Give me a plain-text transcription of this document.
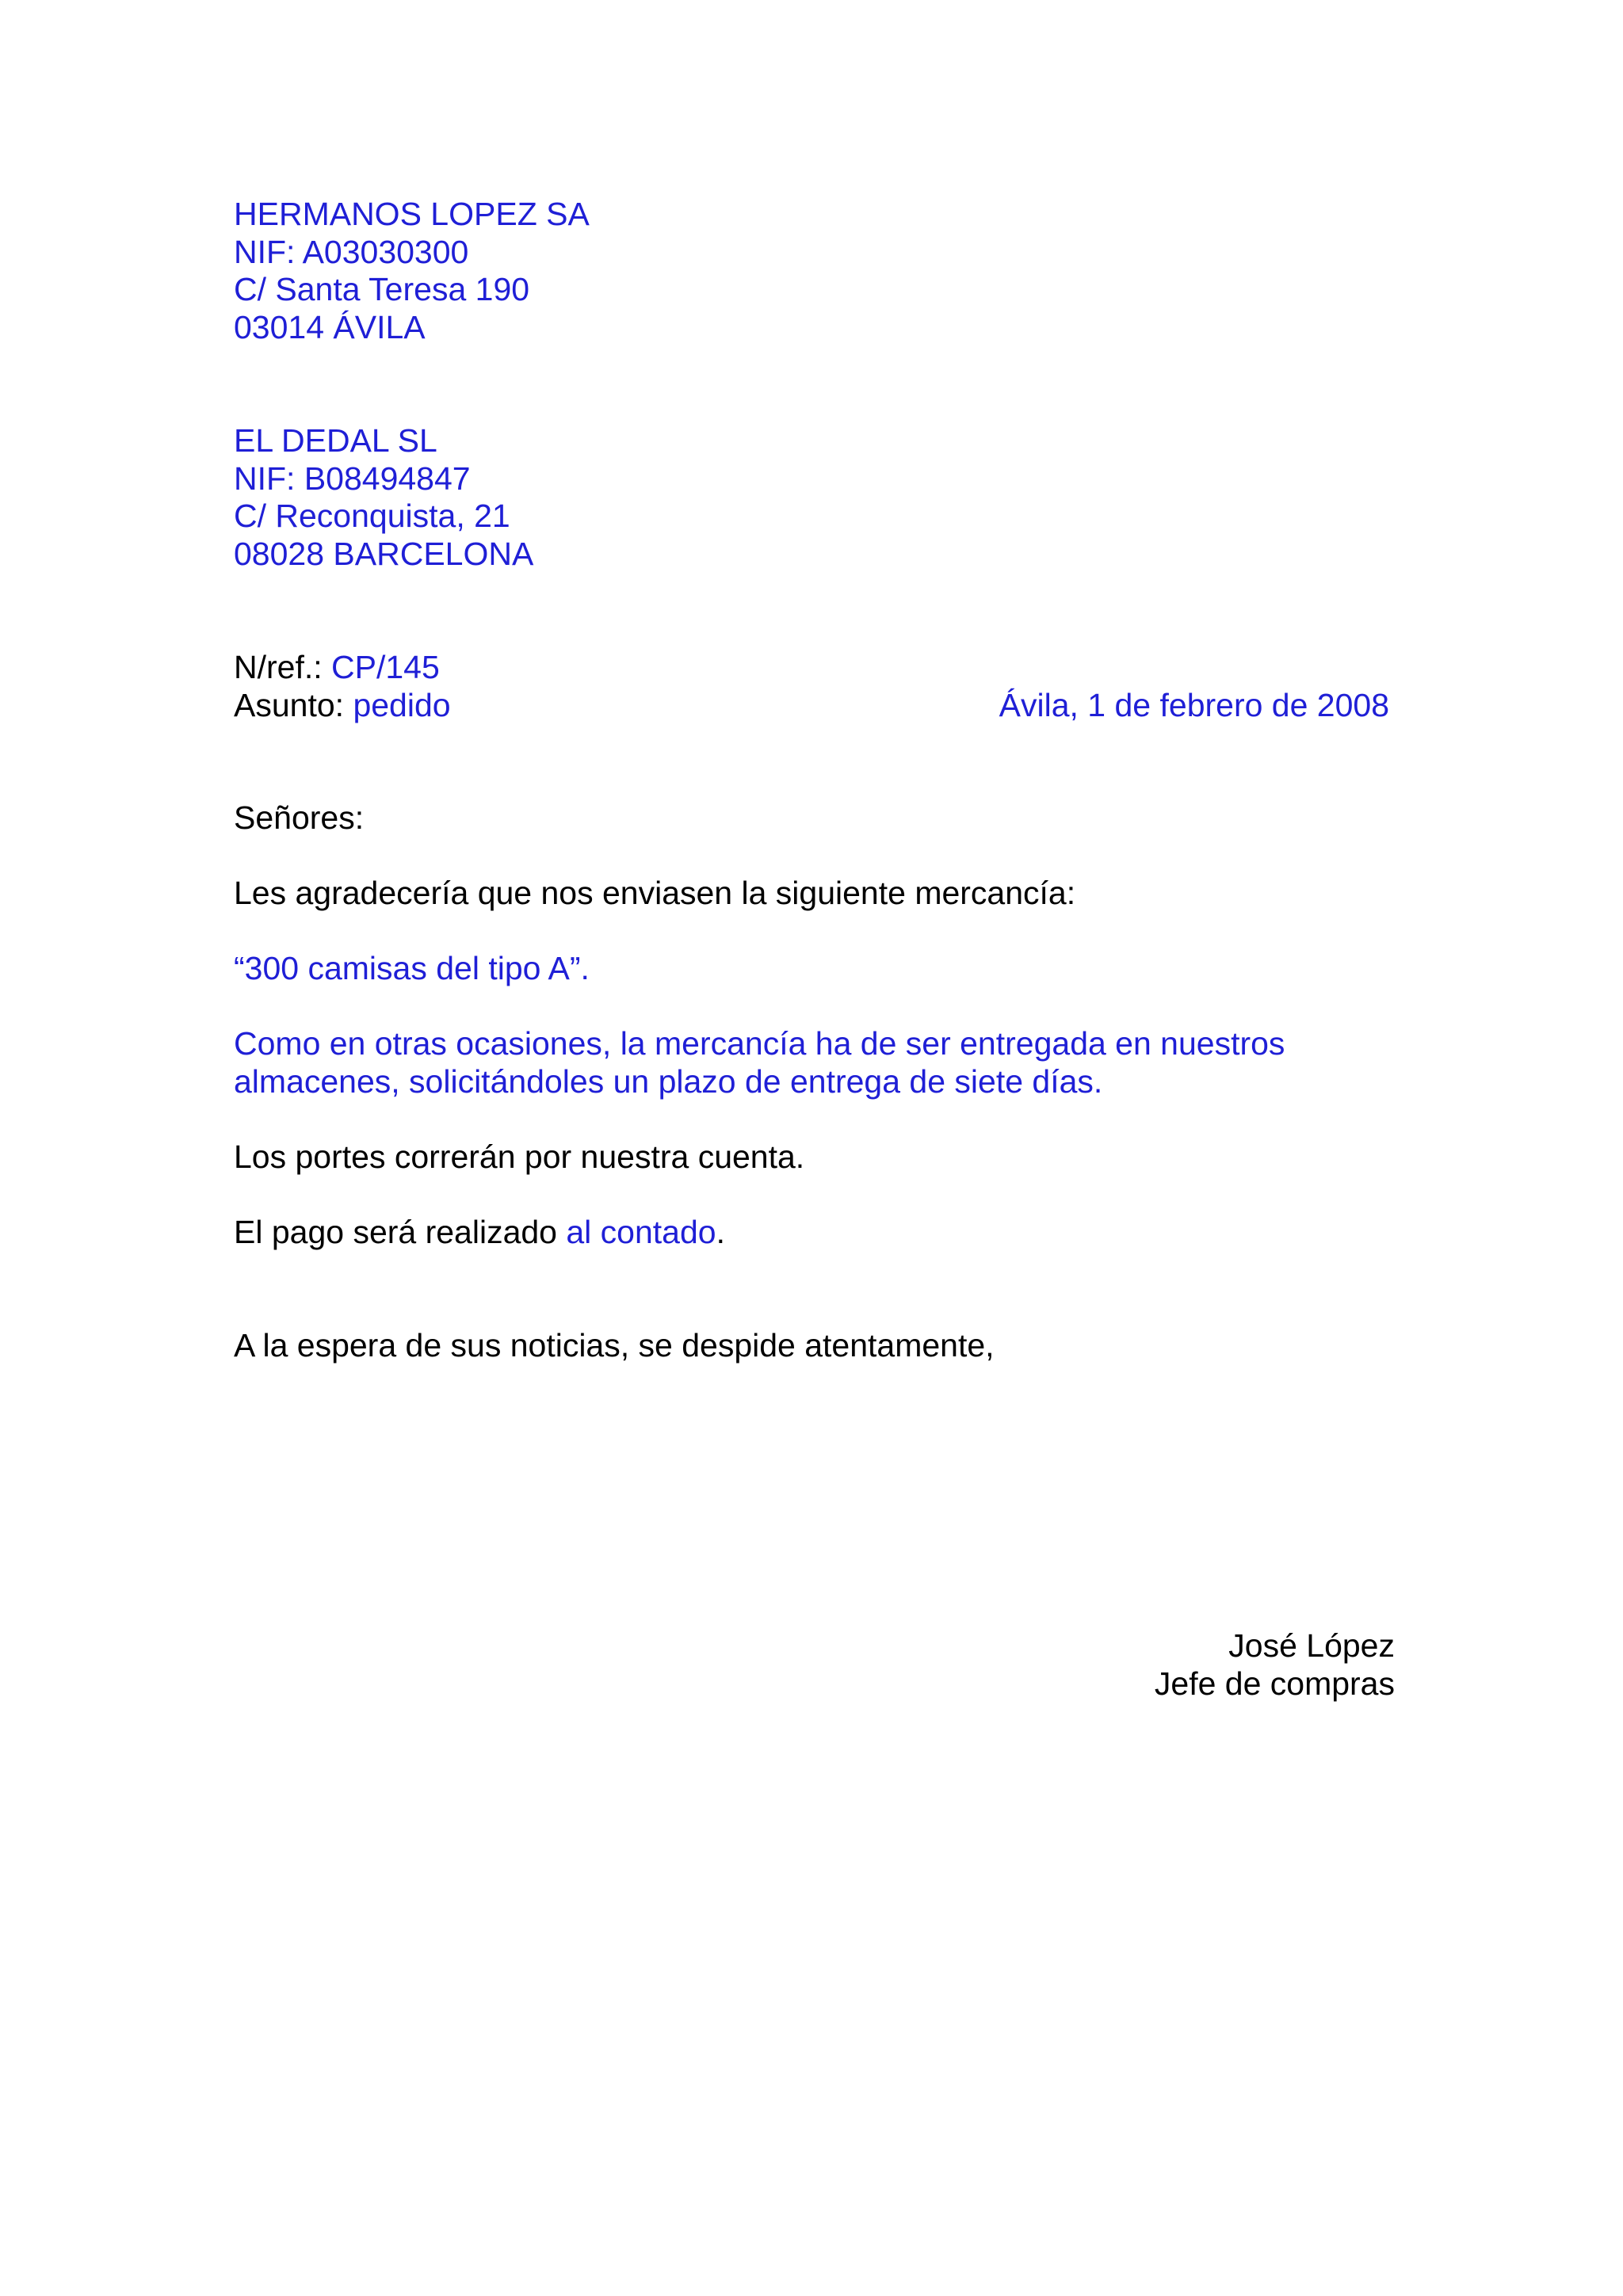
HERMANOS LOPEZ SA
NIF: A03030300
C/ Santa Teresa 190
03014 ÁVILA
EL DEDAL SL
NIF: B08494847
C/ Reconquista, 21
08028 BARCELONA
N/ref.: CP/145
Asunto: pedido	Ávila, 1 de febrero de 2008
Señores:
Les agradecería que nos enviasen la siguiente mercancía:
“300 camisas del tipo A”.
Como en otras ocasiones, la mercancía ha de ser entregada en nuestros
almacenes, solicitándoles un plazo de entrega de siete días.
Los portes correrán por nuestra cuenta.
El pago será realizado al contado.
A la espera de sus noticias, se despide atentamente,
José López
Jefe de compras
